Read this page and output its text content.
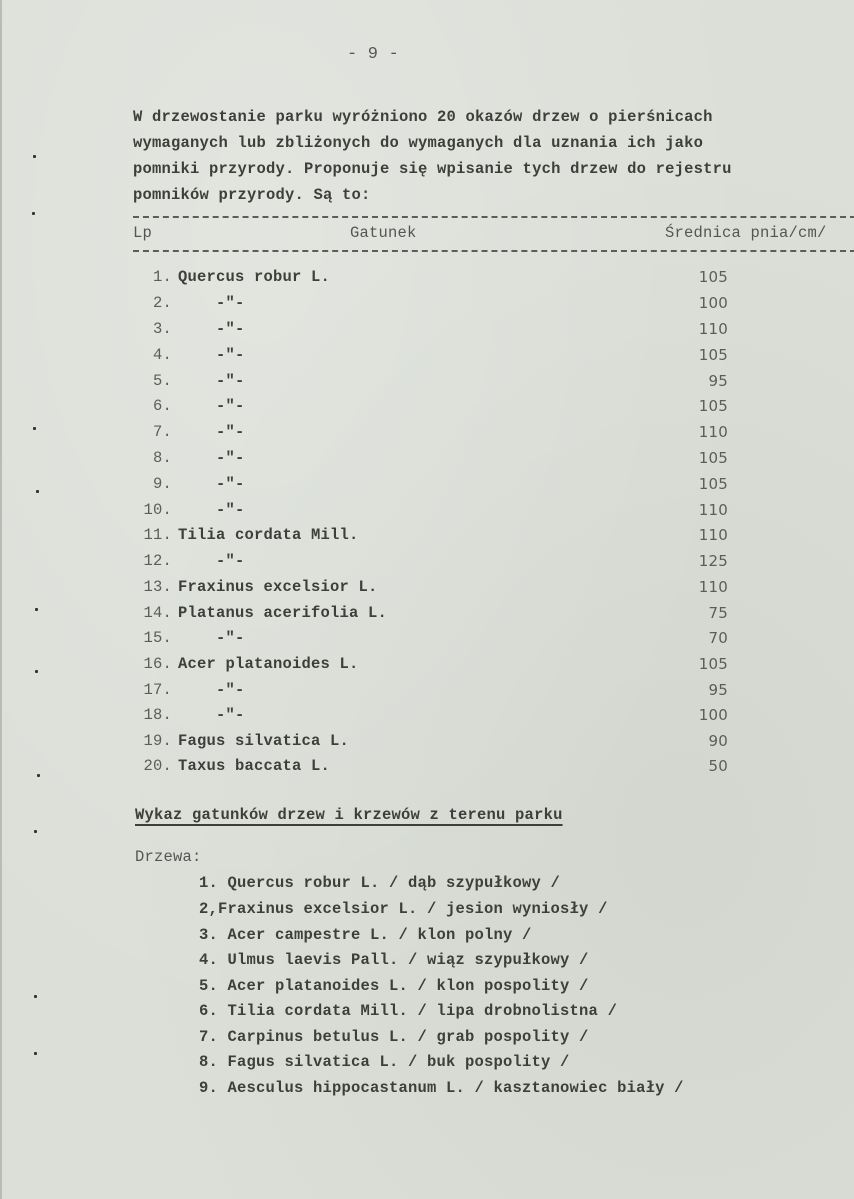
- 9 -
W drzewostanie parku wyróżniono 20 okazów drzew o pierśnicach
wymaganych lub zbliżonych do wymaganych dla uznania ich jako
pomniki przyrody. Proponuje się wpisanie tych drzew do rejestru
pomników przyrody. Są to:
Lp	Gatunek	Średnica pnia/cm/
1. Quercus robur L.	105
2.	-"-	100
3.	-"-	110
4.	-"-	105
5.	-"-	95
6.	-"-	105
7.	-"-	110
8.	-"-	105
9.	-"-	105
10.	-"-	110
11. Tilia cordata Mill.	110
12.	-"-	125
13. Fraxinus excelsior L.	110
14. Platanus acerifolia L.	75
15.	-"-	70
16. Acer platanoides L.	105
17.	-"-	95
18.	-"-	100
19. Fagus silvatica L.	90
20. Taxus baccata L.	50
Wykaz gatunków drzew i krzewów z terenu parku
Drzewa:
1. Quercus robur L. / dąb szypułkowy /
2,Fraxinus excelsior L. / jesion wyniosły /
3. Acer campestre L. / klon polny /
4. Ulmus laevis Pall. / wiąz szypułkowy /
5. Acer platanoides L. / klon pospolity /
6. Tilia cordata Mill. / lipa drobnolistna /
7. Carpinus betulus L. / grab pospolity /
8. Fagus silvatica L. / buk pospolity /
9. Aesculus hippocastanum L. / kasztanowiec biały /
